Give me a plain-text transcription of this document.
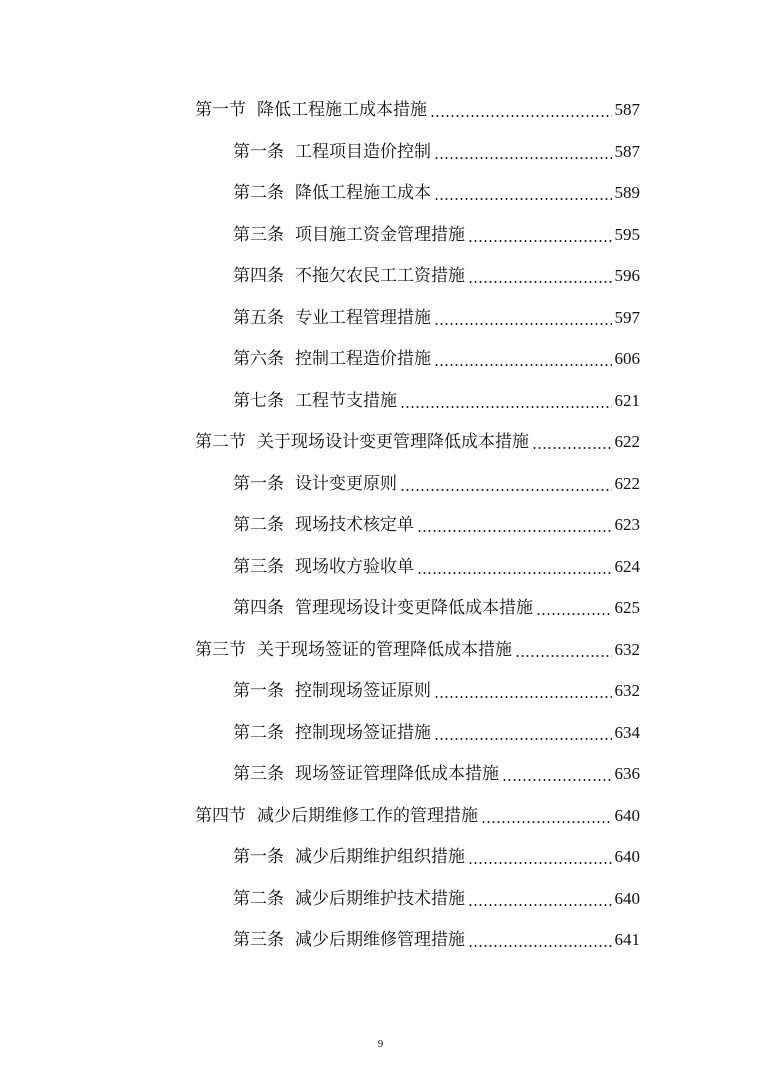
第一节 降低工程施工成本措施	587
第一条 工程项目造价控制	587
第二条 降低工程施工成本	589
第三条 项目施工资金管理措施	595
第四条 不拖欠农民工工资措施	596
第五条 专业工程管理措施	597
第六条 控制工程造价措施	606
第七条 工程节支措施	621
第二节 关于现场设计变更管理降低成本措施	622
第一条 设计变更原则	622
第二条 现场技术核定单	623
第三条 现场收方验收单	624
第四条 管理现场设计变更降低成本措施	625
第三节 关于现场签证的管理降低成本措施	632
第一条 控制现场签证原则	632
第二条 控制现场签证措施	634
第三条 现场签证管理降低成本措施	636
第四节 减少后期维修工作的管理措施	640
第一条 减少后期维护组织措施	640
第二条 减少后期维护技术措施	640
第三条 减少后期维修管理措施	641
9
